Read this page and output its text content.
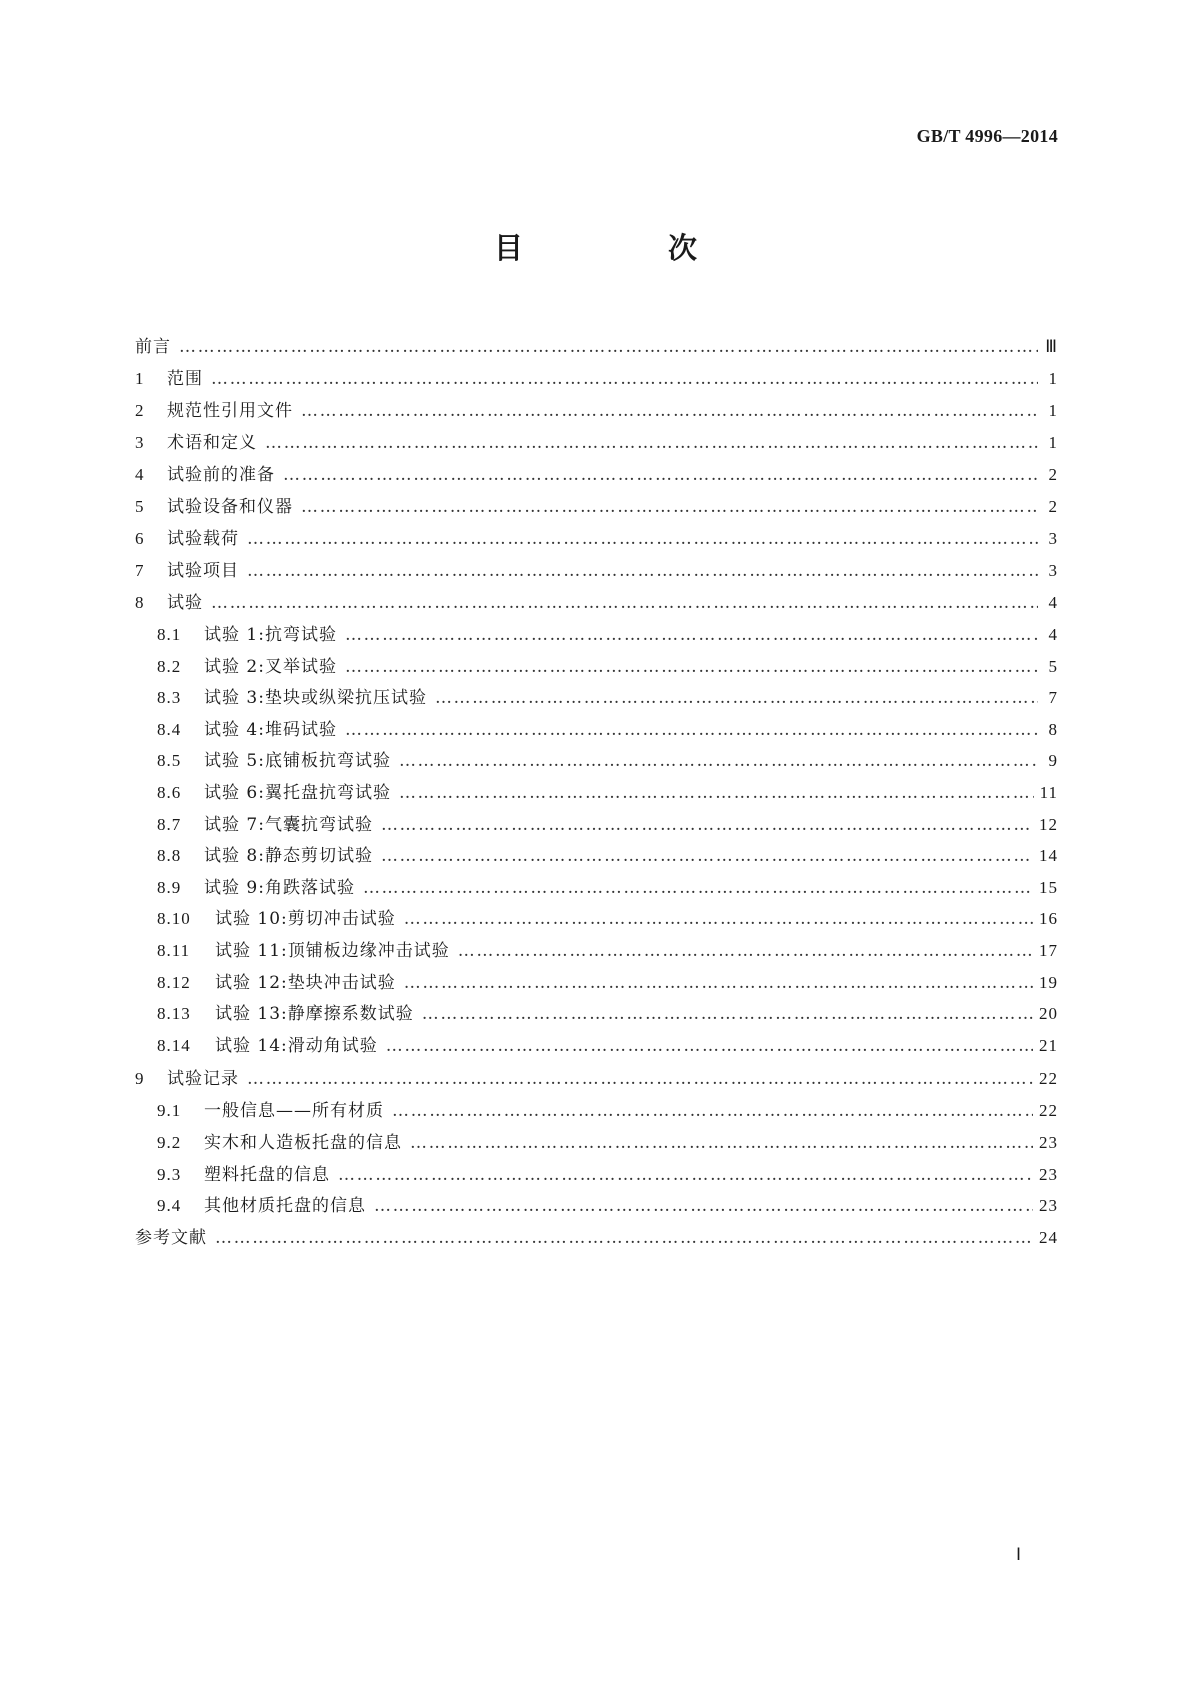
GB/T 4996—2014
目　次
前言 ……………………………………………………………………………………………………………………………………………………………………………………………………………………	Ⅲ
1	范围 ……………………………………………………………………………………………………………………………………………………………………………………………………………………	1
2	规范性引用文件 ……………………………………………………………………………………………………………………………………………………………………………………………………………………	1
3	术语和定义 ……………………………………………………………………………………………………………………………………………………………………………………………………………………	1
4	试验前的准备 ……………………………………………………………………………………………………………………………………………………………………………………………………………………	2
5	试验设备和仪器 ……………………………………………………………………………………………………………………………………………………………………………………………………………………	2
6	试验载荷 ……………………………………………………………………………………………………………………………………………………………………………………………………………………	3
7	试验项目 ……………………………………………………………………………………………………………………………………………………………………………………………………………………	3
8	试验 ……………………………………………………………………………………………………………………………………………………………………………………………………………………	4
8.1	试验 1:抗弯试验 ……………………………………………………………………………………………………………………………………………………………………………………………………………………	4
8.2	试验 2:叉举试验 ……………………………………………………………………………………………………………………………………………………………………………………………………………………	5
8.3	试验 3:垫块或纵梁抗压试验 ……………………………………………………………………………………………………………………………………………………………………………………………………………………	7
8.4	试验 4:堆码试验 ……………………………………………………………………………………………………………………………………………………………………………………………………………………	8
8.5	试验 5:底铺板抗弯试验 ……………………………………………………………………………………………………………………………………………………………………………………………………………………	9
8.6	试验 6:翼托盘抗弯试验 ……………………………………………………………………………………………………………………………………………………………………………………………………………………	11
8.7	试验 7:气囊抗弯试验 ……………………………………………………………………………………………………………………………………………………………………………………………………………………	12
8.8	试验 8:静态剪切试验 ……………………………………………………………………………………………………………………………………………………………………………………………………………………	14
8.9	试验 9:角跌落试验 ……………………………………………………………………………………………………………………………………………………………………………………………………………………	15
8.10	试验 10:剪切冲击试验 ……………………………………………………………………………………………………………………………………………………………………………………………………………………	16
8.11	试验 11:顶铺板边缘冲击试验 ……………………………………………………………………………………………………………………………………………………………………………………………………………………	17
8.12	试验 12:垫块冲击试验 ……………………………………………………………………………………………………………………………………………………………………………………………………………………	19
8.13	试验 13:静摩擦系数试验 ……………………………………………………………………………………………………………………………………………………………………………………………………………………	20
8.14	试验 14:滑动角试验 ……………………………………………………………………………………………………………………………………………………………………………………………………………………	21
9	试验记录 ……………………………………………………………………………………………………………………………………………………………………………………………………………………	22
9.1	一般信息——所有材质 ……………………………………………………………………………………………………………………………………………………………………………………………………………………	22
9.2	实木和人造板托盘的信息 ……………………………………………………………………………………………………………………………………………………………………………………………………………………	23
9.3	塑料托盘的信息 ……………………………………………………………………………………………………………………………………………………………………………………………………………………	23
9.4	其他材质托盘的信息 ……………………………………………………………………………………………………………………………………………………………………………………………………………………	23
参考文献 ……………………………………………………………………………………………………………………………………………………………………………………………………………………	24
Ⅰ
